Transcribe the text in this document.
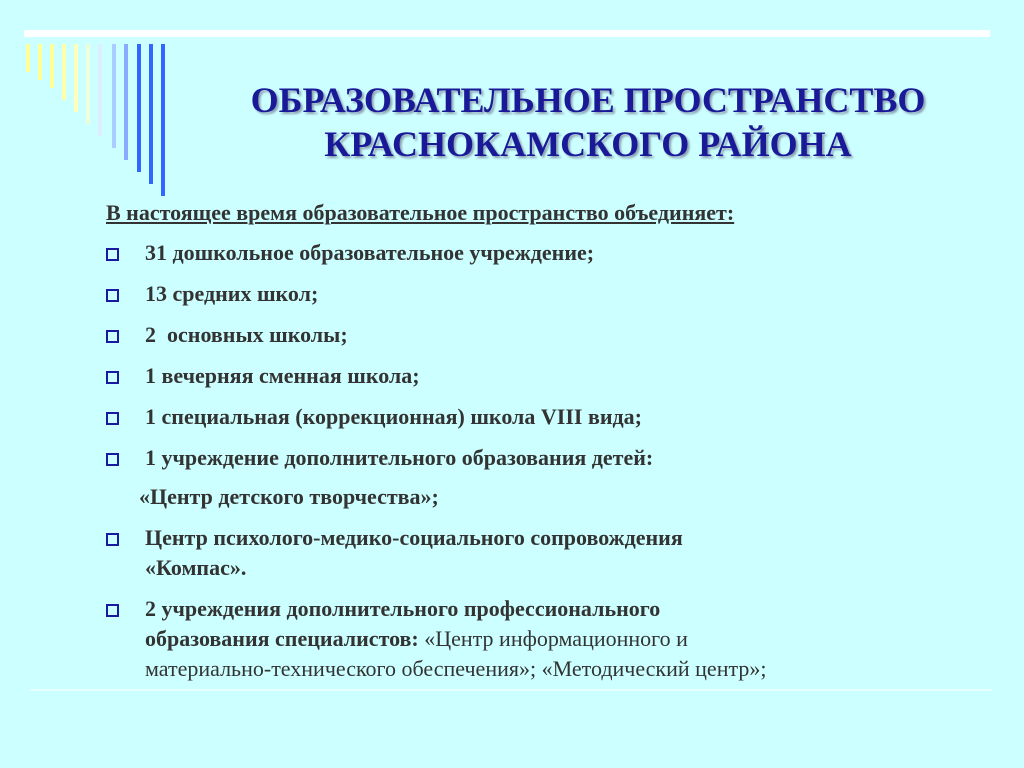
ОБРАЗОВАТЕЛЬНОЕ ПРОСТРАНСТВО
КРАСНОКАМСКОГО РАЙОНА

В настоящее время образовательное пространство объединяет:

31 дошкольное образовательное учреждение;
13 средних школ;
2  основных школы;
1 вечерняя сменная школа;
1 специальная (коррекционная) школа VIII вида;
1 учреждение дополнительного образования детей:
«Центр детского творчества»;
Центр психолого-медико-социального сопровождения
«Компас».
2 учреждения дополнительного профессионального
образования специалистов: «Центр информационного и
материально-технического обеспечения»; «Методический центр»;
